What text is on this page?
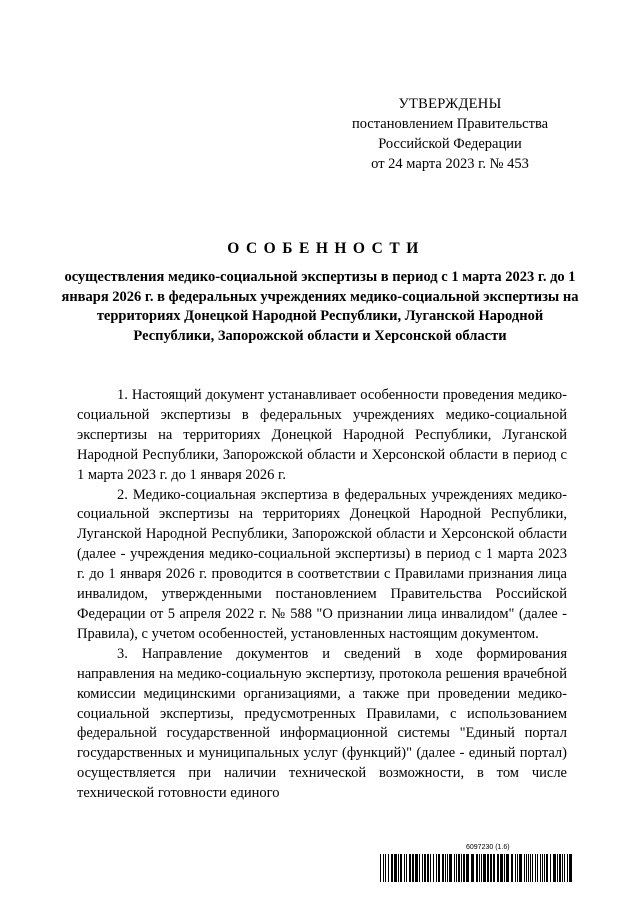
УТВЕРЖДЕНЫ
постановлением Правительства
Российской Федерации
от 24 марта 2023 г. № 453
ОСОБЕННОСТИ
осуществления медико-социальной экспертизы в период с 1 марта 2023 г. до 1 января 2026 г. в федеральных учреждениях медико-социальной экспертизы на территориях Донецкой Народной Республики, Луганской Народной Республики, Запорожской области и Херсонской области

1. Настоящий документ устанавливает особенности проведения медико-социальной экспертизы в федеральных учреждениях медико-социальной экспертизы на территориях Донецкой Народной Республики, Луганской Народной Республики, Запорожской области и Херсонской области в период с 1 марта 2023 г. до 1 января 2026 г.

2. Медико-социальная экспертиза в федеральных учреждениях медико-социальной экспертизы на территориях Донецкой Народной Республики, Луганской Народной Республики, Запорожской области и Херсонской области (далее - учреждения медико-социальной экспертизы) в период с 1 марта 2023 г. до 1 января 2026 г. проводится в соответствии с Правилами признания лица инвалидом, утвержденными постановлением Правительства Российской Федерации от 5 апреля 2022 г. № 588 "О признании лица инвалидом" (далее - Правила), с учетом особенностей, установленных настоящим документом.

3. Направление документов и сведений в ходе формирования направления на медико-социальную экспертизу, протокола решения врачебной комиссии медицинскими организациями, а также при проведении медико-социальной экспертизы, предусмотренных Правилами, с использованием федеральной государственной информационной системы "Единый портал государственных и муниципальных услуг (функций)" (далее - единый портал) осуществляется при наличии технической возможности, в том числе технической готовности единого

6097230 (1.6)
